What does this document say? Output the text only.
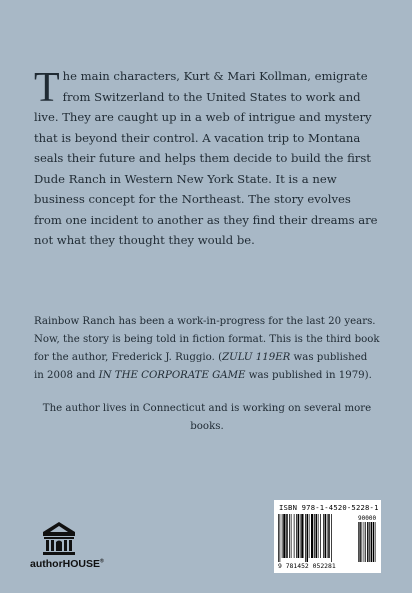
The main characters, Kurt & Mari Kollman, emigrate from Switzerland to the United States to work and live. They are caught up in a web of intrigue and mystery that is beyond their control. A vacation trip to Montana seals their future and helps them decide to build the first Dude Ranch in Western New York State. It is a new business concept for the Northeast. The story evolves from one incident to another as they find their dreams are not what they thought they would be.

Rainbow Ranch has been a work-in-progress for the last 20 years. Now, the story is being told in fiction format. This is the third book for the author, Frederick J. Ruggio. (ZULU 119ER was published in 2008 and IN THE CORPORATE GAME was published in 1979).

The author lives in Connecticut and is working on several more books.

authorHOUSE®
ISBN 978-1-4520-5228-1
90000
9 781452 052281
